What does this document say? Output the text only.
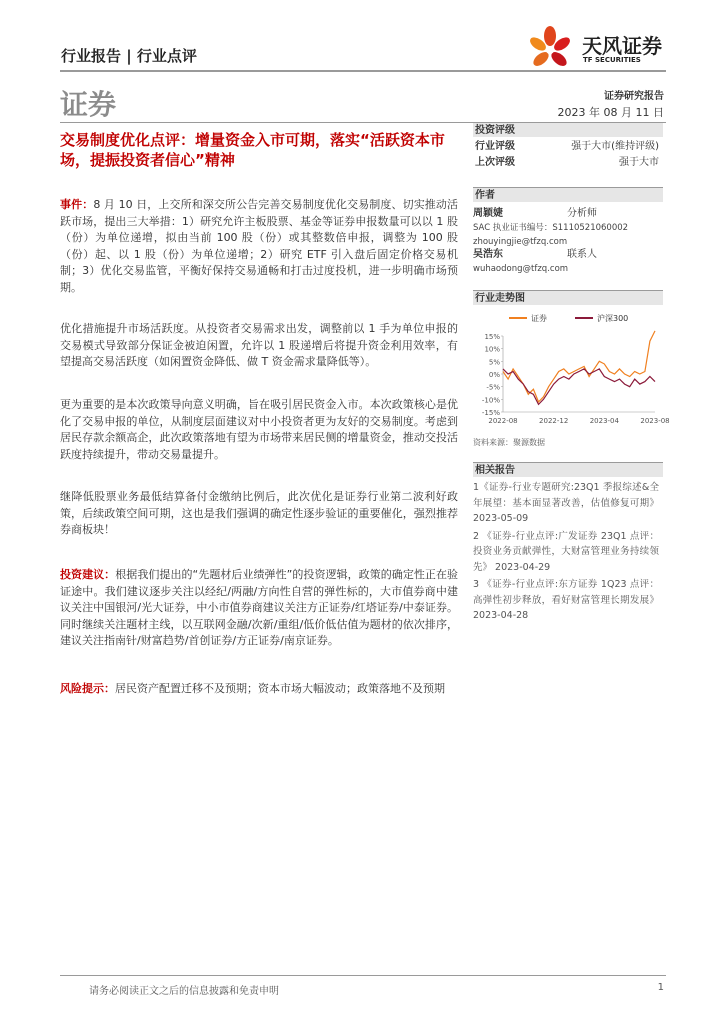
行业报告 | 行业点评	天风证券
TF SECURITIES
证券	证券研究报告
2023 年 08 月 11 日
交易制度优化点评：增量资金入市可期，落实“活跃资本市场，提振投资者信心”精神
事件：8 月 10 日，上交所和深交所公告完善交易制度优化交易制度、切实推动活跃市场，提出三大举措：1）研究允许主板股票、基金等证券申报数量可以以 1 股（份）为单位递增，拟由当前 100 股（份）或其整数倍申报，调整为 100 股（份）起、以 1 股（份）为单位递增；2）研究 ETF 引入盘后固定价格交易机制；3）优化交易监管，平衡好保持交易通畅和打击过度投机，进一步明确市场预期。
优化措施提升市场活跃度。从投资者交易需求出发，调整前以 1 手为单位申报的交易模式导致部分保证金被迫闲置，允许以 1 股递增后将提升资金利用效率，有望提高交易活跃度（如闲置资金降低、做 T 资金需求量降低等）。
更为重要的是本次政策导向意义明确，旨在吸引居民资金入市。本次政策核心是优化了交易申报的单位，从制度层面建议对中小投资者更为友好的交易制度。考虑到居民存款余额高企，此次政策落地有望为市场带来居民侧的增量资金，推动交投活跃度持续提升，带动交易量提升。
继降低股票业务最低结算备付金缴纳比例后，此次优化是证券行业第二波利好政策，后续政策空间可期，这也是我们强调的确定性逐步验证的重要催化，强烈推荐券商板块！
投资建议：根据我们提出的“先题材后业绩弹性”的投资逻辑，政策的确定性正在验证途中。我们建议逐步关注以经纪/两融/方向性自营的弹性标的，大市值券商中建议关注中国银河/光大证券，中小市值券商建议关注方正证券/红塔证券/中泰证券。同时继续关注题材主线，以互联网金融/次新/重组/低价低估值为题材的依次排序，建议关注指南针/财富趋势/首创证券/方正证券/南京证券。
风险提示：居民资产配置迁移不及预期；资本市场大幅波动；政策落地不及预期
投资评级
行业评级	强于大市(维持评级)
上次评级	强于大市
作者
周颖婕	分析师
SAC 执业证书编号：S1110521060002
zhouyingjie@tfzq.com
吴浩东	联系人
wuhaodong@tfzq.com
行业走势图
证券	沪深300
15%
10%
5%
0%
-5%
-10%
-15%
2022-08	2022-12	2023-04	2023-08
资料来源：聚源数据
相关报告
1《证券-行业专题研究:23Q1 季报综述&全年展望：基本面显著改善，估值修复可期》 2023-05-09
2 《证券-行业点评:广发证券 23Q1 点评：投资业务贡献弹性，大财富管理业务持续领先》 2023-04-29
3 《证券-行业点评:东方证券 1Q23 点评：高弹性初步释放，看好财富管理长期发展》 2023-04-28
请务必阅读正文之后的信息披露和免责申明	1
